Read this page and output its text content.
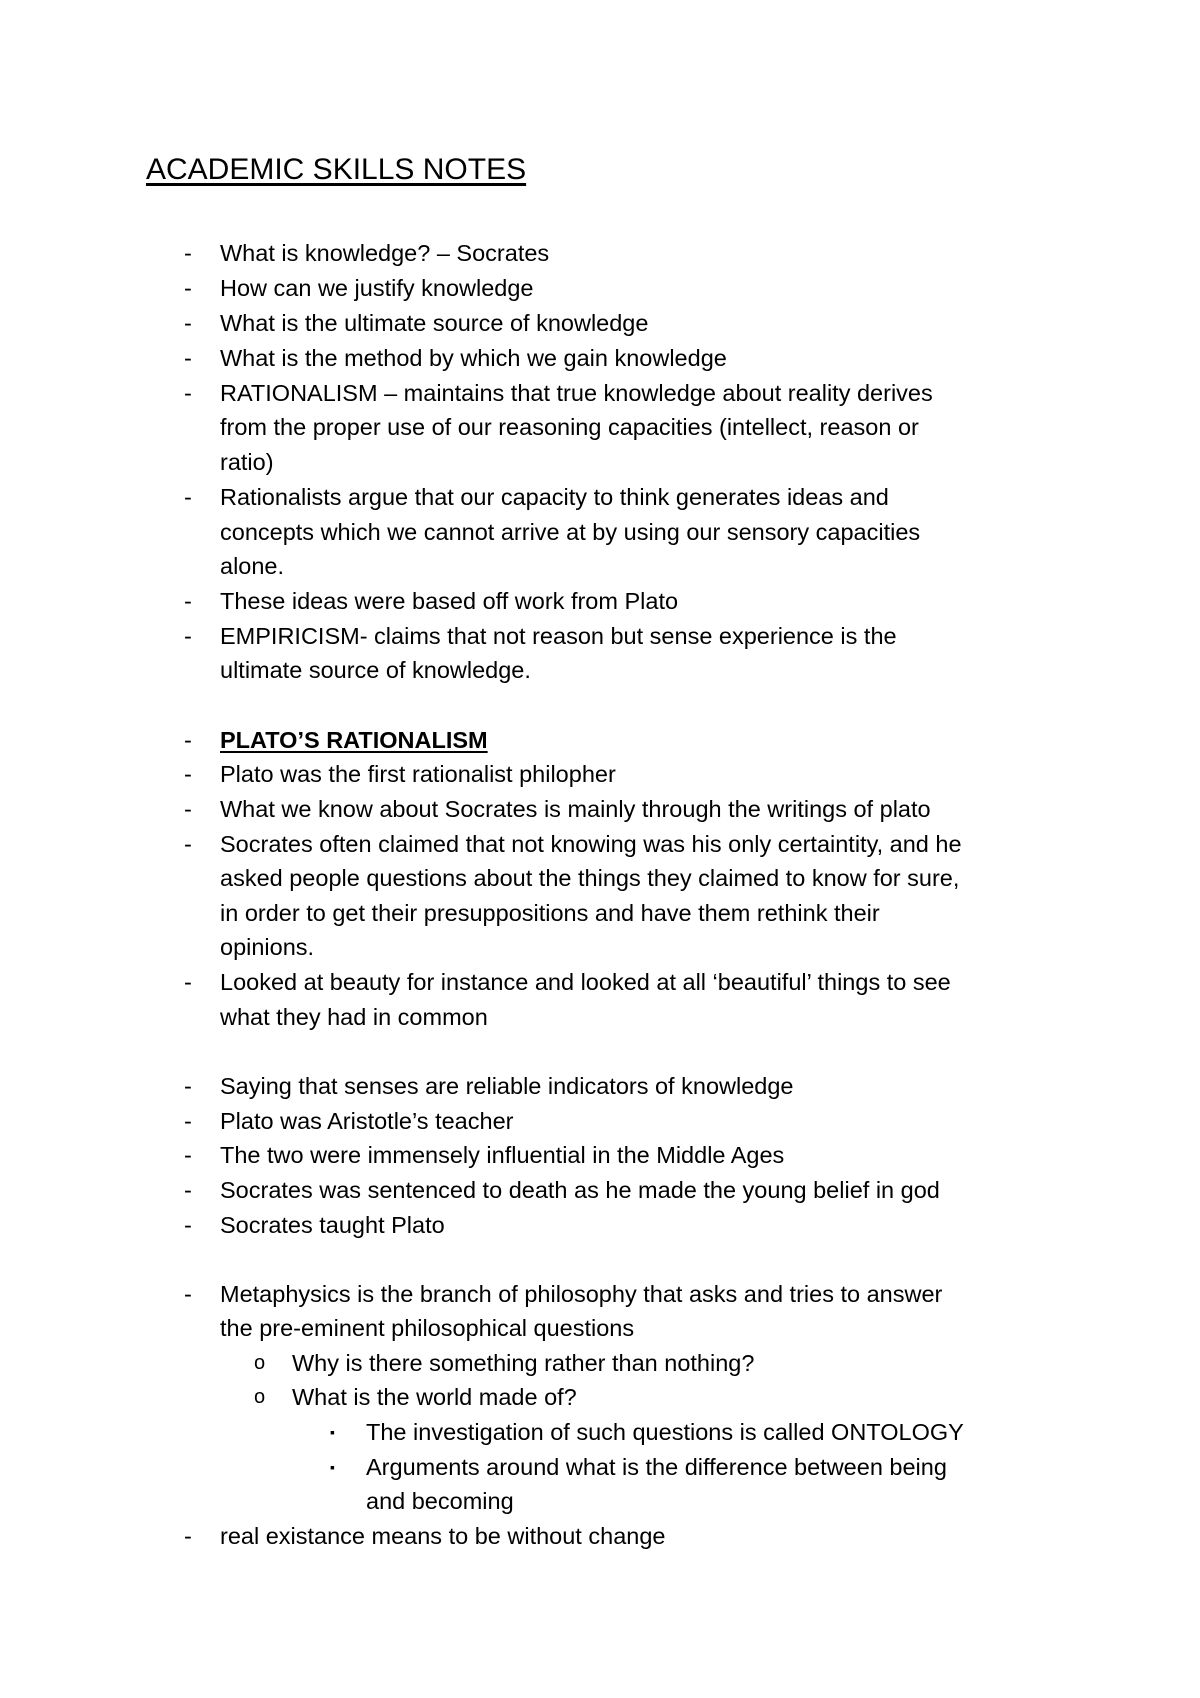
ACADEMIC SKILLS NOTES
- What is knowledge? – Socrates
- How can we justify knowledge
- What is the ultimate source of knowledge
- What is the method by which we gain knowledge
- RATIONALISM – maintains that true knowledge about reality derives
from the proper use of our reasoning capacities (intellect, reason or
ratio)
- Rationalists argue that our capacity to think generates ideas and
concepts which we cannot arrive at by using our sensory capacities
alone.
- These ideas were based off work from Plato
- EMPIRICISM- claims that not reason but sense experience is the
ultimate source of knowledge.
- PLATO’S RATIONALISM
- Plato was the first rationalist philopher
- What we know about Socrates is mainly through the writings of plato
- Socrates often claimed that not knowing was his only certaintity, and he
asked people questions about the things they claimed to know for sure,
in order to get their presuppositions and have them rethink their
opinions.
- Looked at beauty for instance and looked at all ‘beautiful’ things to see
what they had in common
- Saying that senses are reliable indicators of knowledge
- Plato was Aristotle’s teacher
- The two were immensely influential in the Middle Ages
- Socrates was sentenced to death as he made the young belief in god
- Socrates taught Plato
- Metaphysics is the branch of philosophy that asks and tries to answer
the pre-eminent philosophical questions
o Why is there something rather than nothing?
o What is the world made of?
▪ The investigation of such questions is called ONTOLOGY
▪ Arguments around what is the difference between being
and becoming
- real existance means to be without change
